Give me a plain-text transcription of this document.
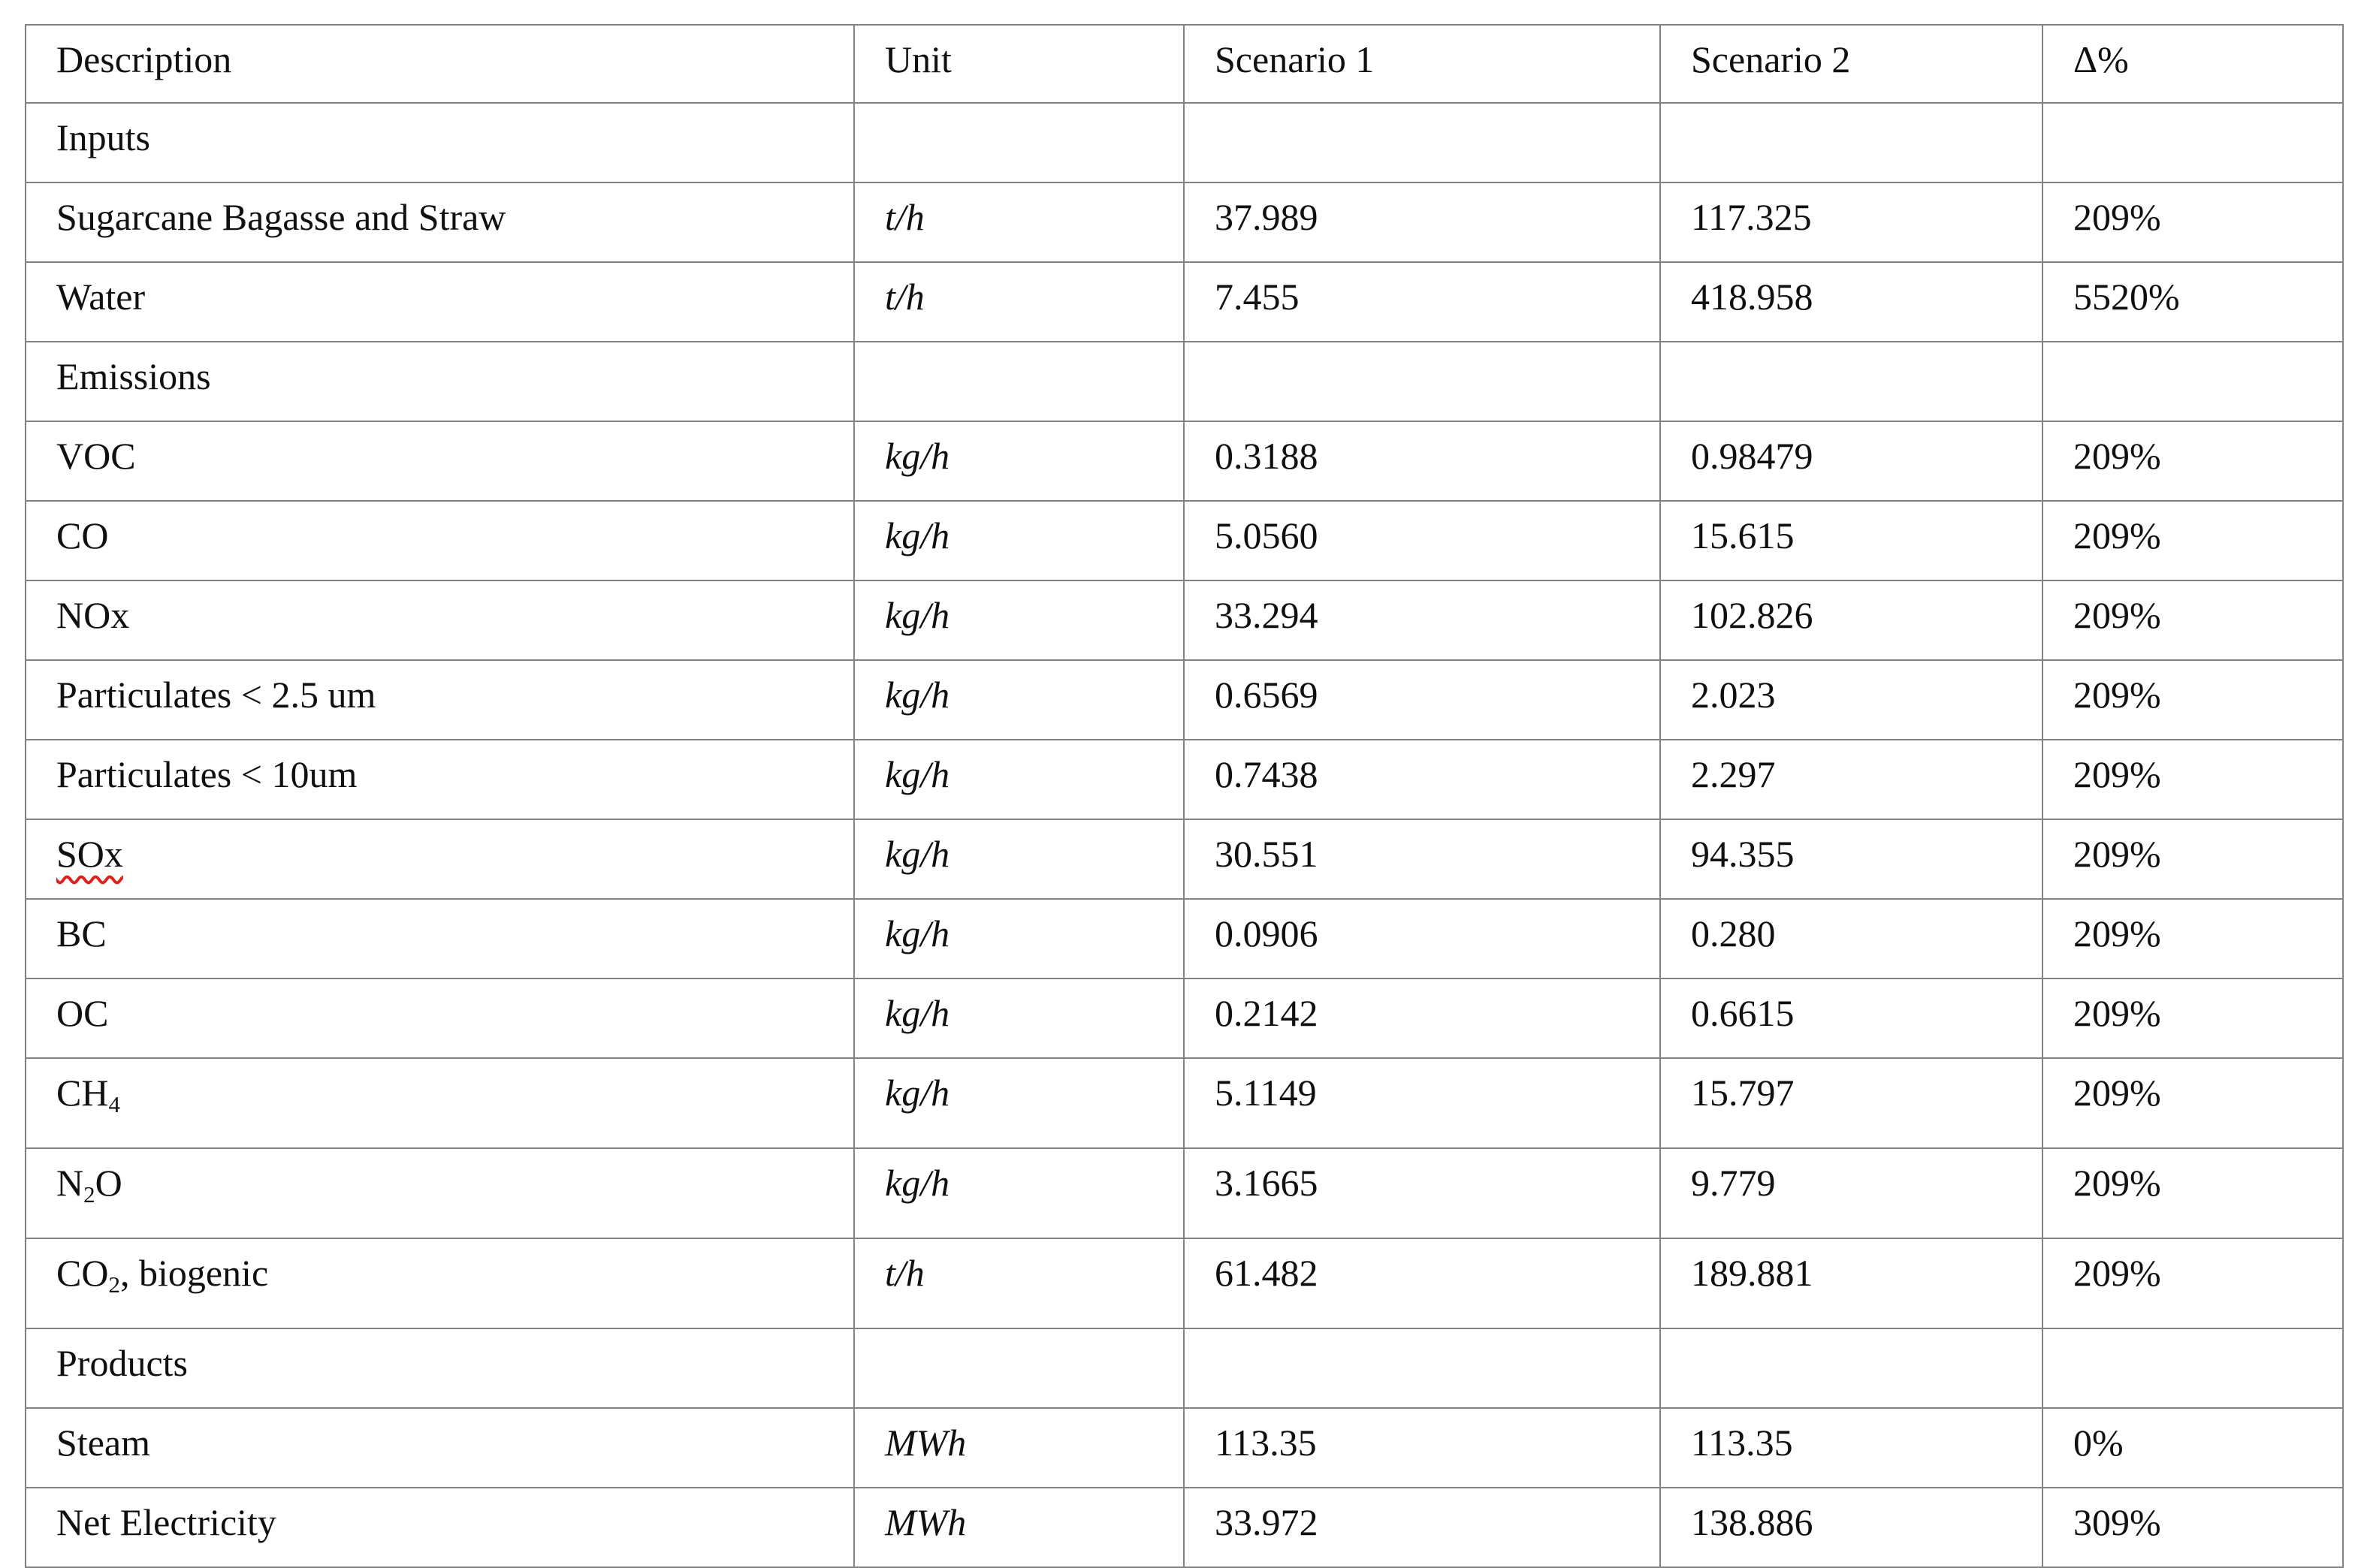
Description	Unit	Scenario 1	Scenario 2	Δ%
Inputs				
Sugarcane Bagasse and Straw	t/h	37.989	117.325	209%
Water	t/h	7.455	418.958	5520%
Emissions				
VOC	kg/h	0.3188	0.98479	209%
CO	kg/h	5.0560	15.615	209%
NOx	kg/h	33.294	102.826	209%
Particulates < 2.5 um	kg/h	0.6569	2.023	209%
Particulates < 10um	kg/h	0.7438	2.297	209%
SOx	kg/h	30.551	94.355	209%
BC	kg/h	0.0906	0.280	209%
OC	kg/h	0.2142	0.6615	209%
$CH_4$	kg/h	5.1149	15.797	209%
$N_2O$	kg/h	3.1665	9.779	209%
$CO_2$, biogenic	t/h	61.482	189.881	209%
Products				
Steam	MWh	113.35	113.35	0%
Net Electricity	MWh	33.972	138.886	309%
